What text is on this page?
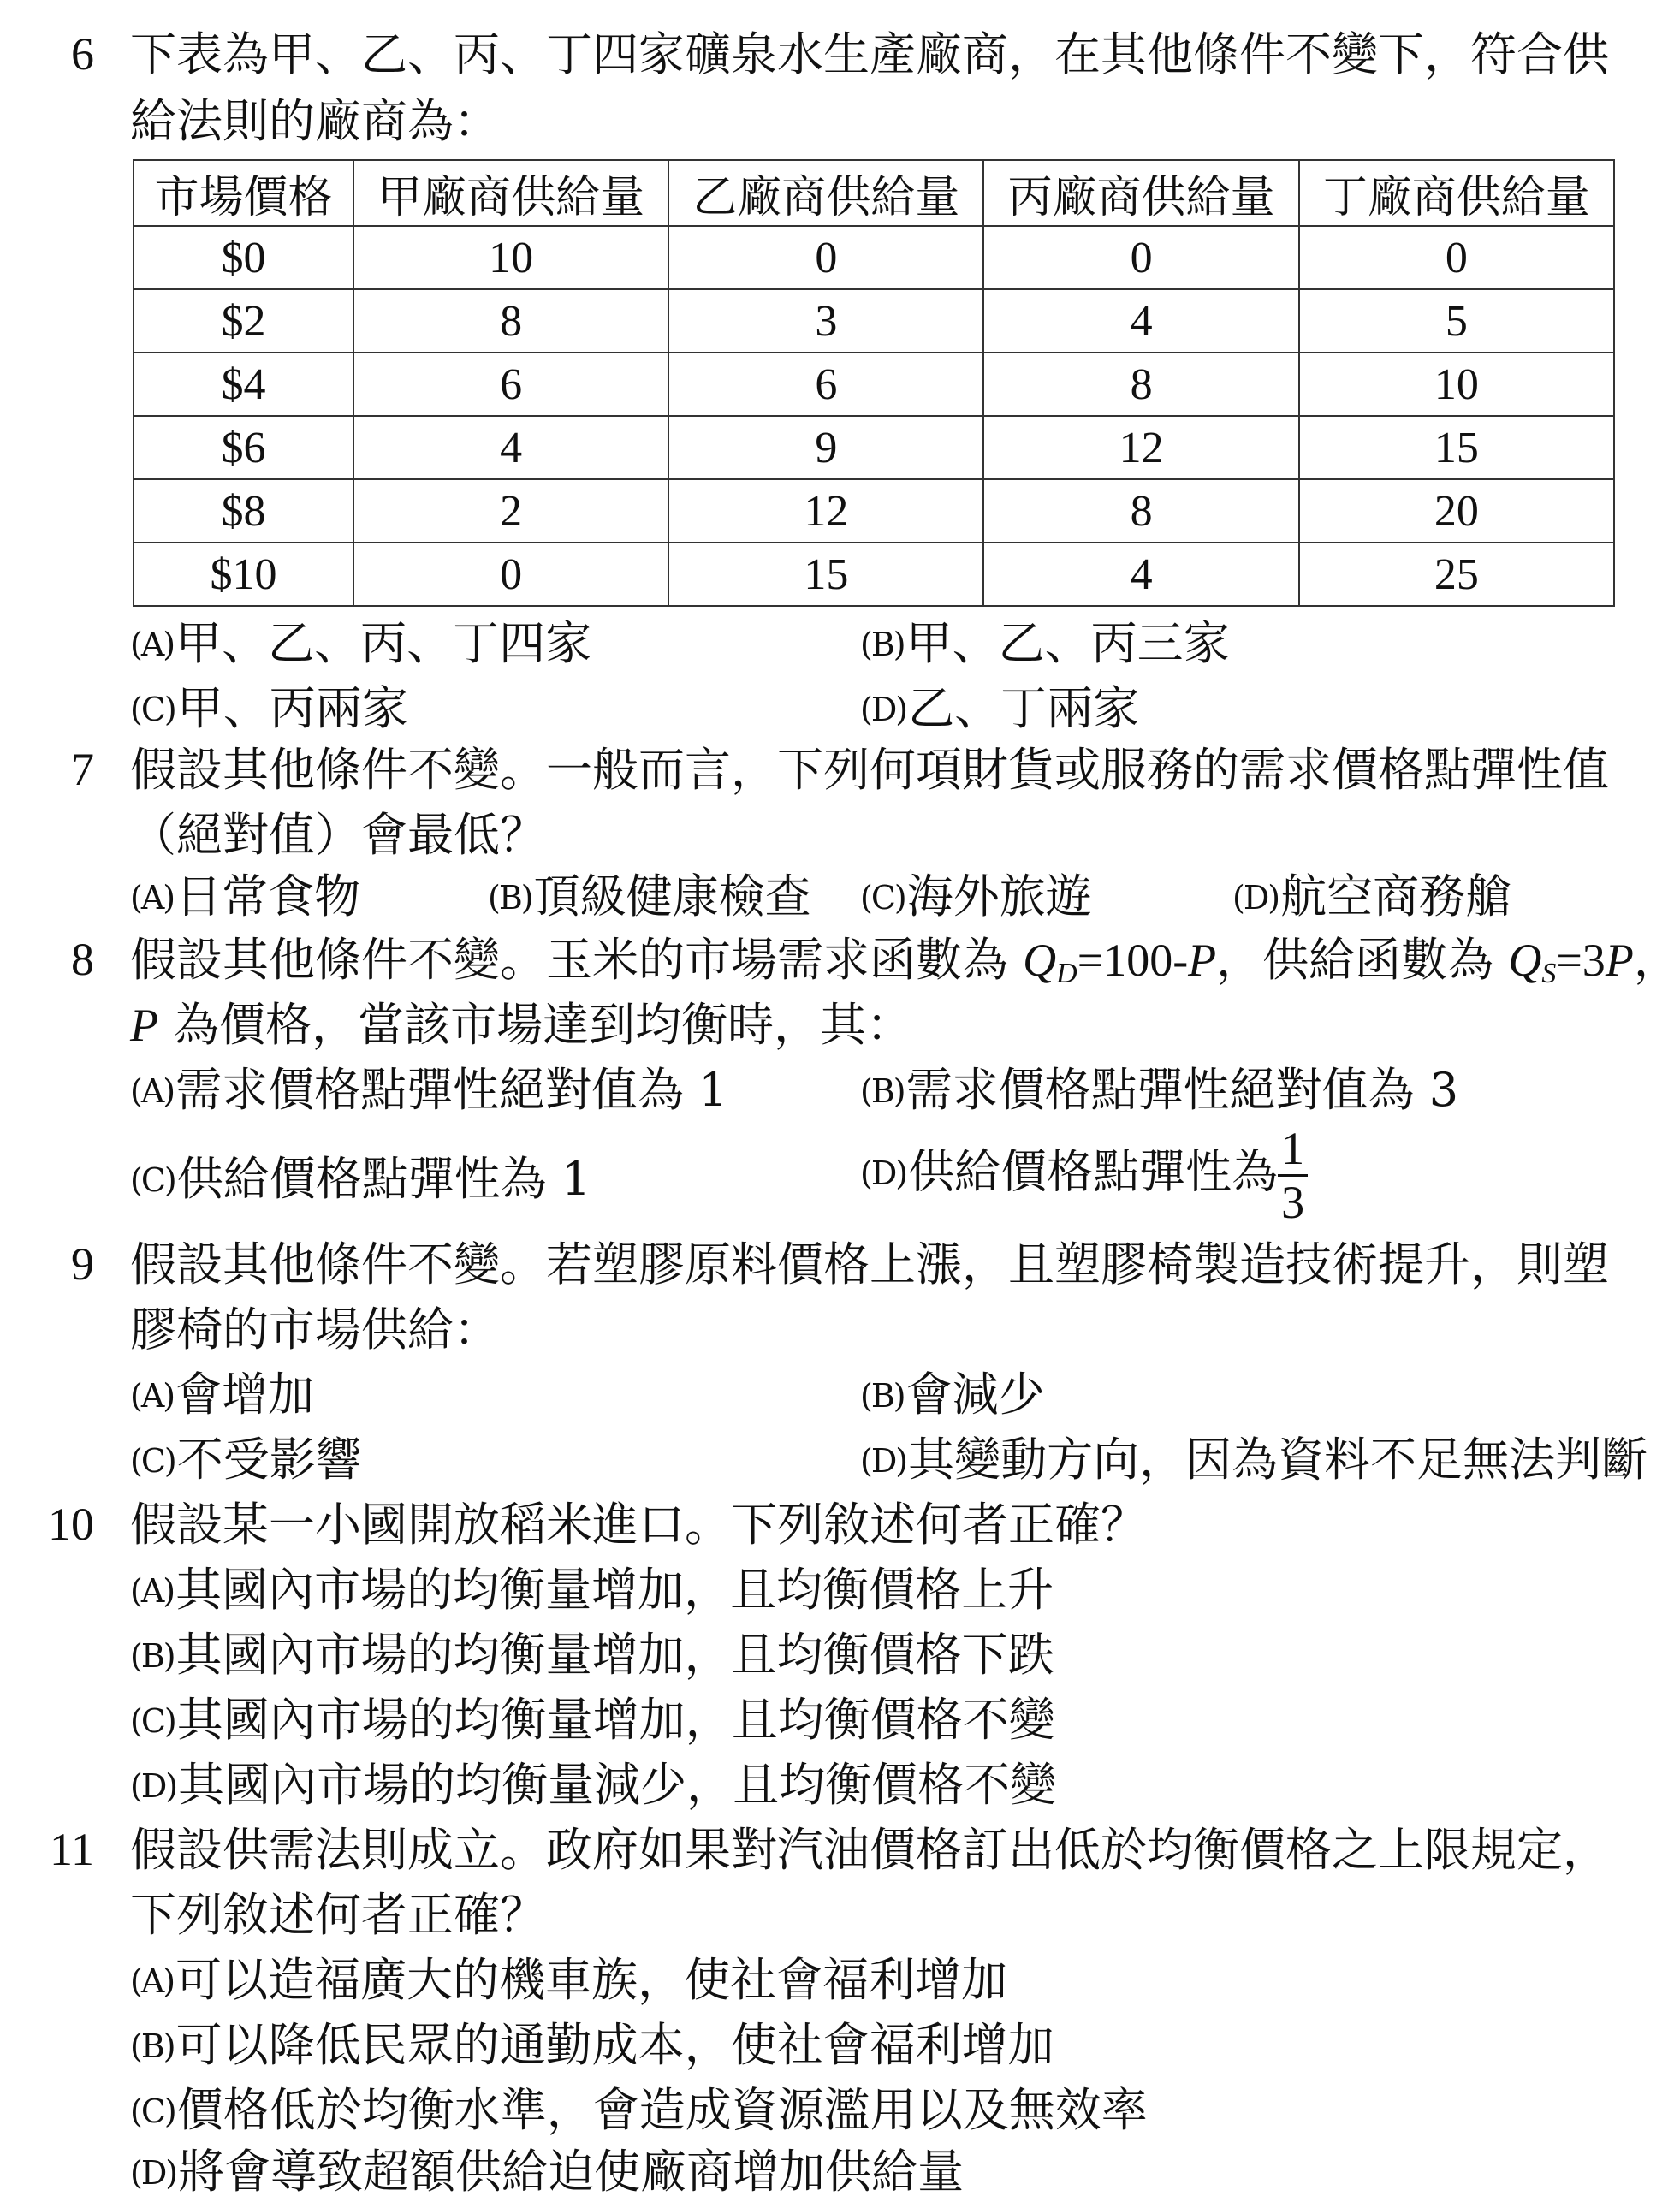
6 下表為甲、乙、丙、丁四家礦泉水生產廠商，在其他條件不變下，符合供
給法則的廠商為：
市場價格	甲廠商供給量	乙廠商供給量	丙廠商供給量	丁廠商供給量
$0	10	0	0	0
$2	8	3	4	5
$4	6	6	8	10
$6	4	9	12	15
$8	2	12	8	20
$10	0	15	4	25
(A)甲、乙、丙、丁四家	(B)甲、乙、丙三家
(C)甲、丙兩家	(D)乙、丁兩家
7 假設其他條件不變。一般而言，下列何項財貨或服務的需求價格點彈性值
（絕對值）會最低？
(A)日常食物	(B)頂級健康檢查 (C)海外旅遊	(D)航空商務艙
8 假設其他條件不變。玉米的市場需求函數為 $Q_D=100-P$，供給函數為 $Q_S=3P$，
P 為價格，當該市場達到均衡時，其：
(A)需求價格點彈性絕對值為 1	(B)需求價格點彈性絕對值為 3
(C)供給價格點彈性為 1	(D)供給價格點彈性為 $\frac{1}{3}$
9 假設其他條件不變。若塑膠原料價格上漲，且塑膠椅製造技術提升，則塑
膠椅的市場供給：
(A)會增加	(B)會減少
(C)不受影響	(D)其變動方向，因為資料不足無法判斷
10 假設某一小國開放稻米進口。下列敘述何者正確？
(A)其國內市場的均衡量增加，且均衡價格上升
(B)其國內市場的均衡量增加，且均衡價格下跌
(C)其國內市場的均衡量增加，且均衡價格不變
(D)其國內市場的均衡量減少，且均衡價格不變
11 假設供需法則成立。政府如果對汽油價格訂出低於均衡價格之上限規定，
下列敘述何者正確？
(A)可以造福廣大的機車族，使社會福利增加
(B)可以降低民眾的通勤成本，使社會福利增加
(C)價格低於均衡水準，會造成資源濫用以及無效率
(D)將會導致超額供給迫使廠商增加供給量
